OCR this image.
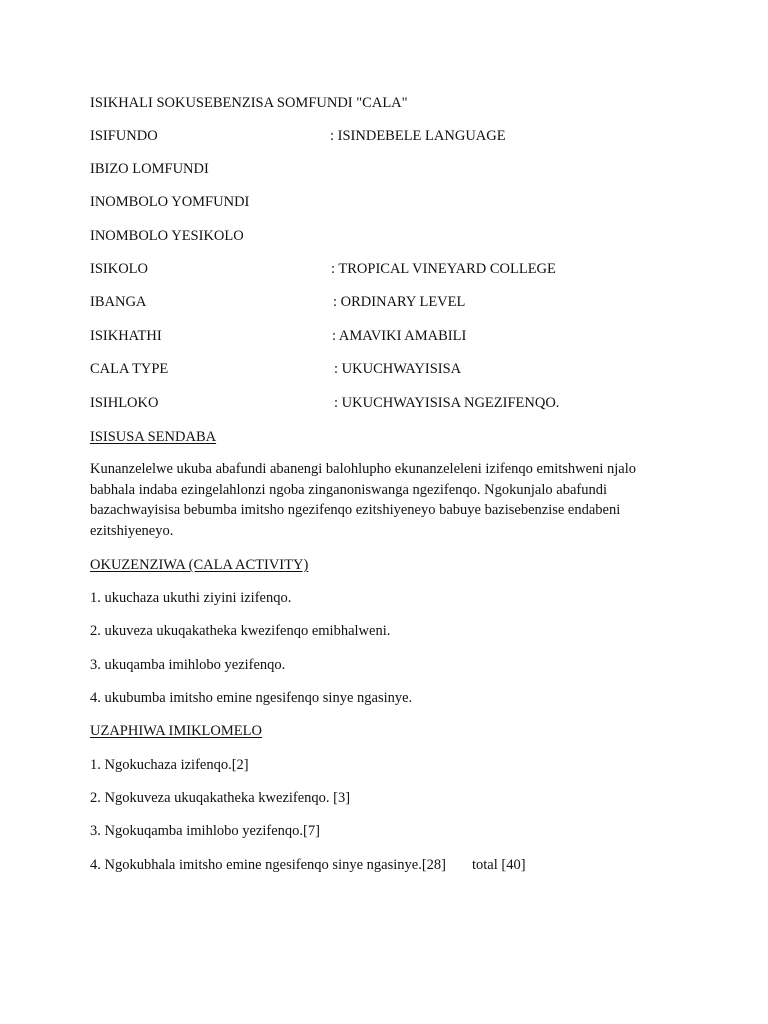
ISIKHALI SOKUSEBENZISA SOMFUNDI "CALA"
ISIFUNDO	: ISINDEBELE LANGUAGE
IBIZO LOMFUNDI
INOMBOLO YOMFUNDI
INOMBOLO YESIKOLO
ISIKOLO	: TROPICAL VINEYARD COLLEGE
IBANGA	: ORDINARY LEVEL
ISIKHATHI	: AMAVIKI AMABILI
CALA TYPE	: UKUCHWAYISISA
ISIHLOKO	: UKUCHWAYISISA NGEZIFENQO.
ISISUSA SENDABA
Kunanzelelwe ukuba abafundi abanengi balohlupho ekunanzeleleni izifenqo emitshweni njalo babhala indaba ezingelahlonzi ngoba zinganoniswanga ngezifenqo. Ngokunjalo abafundi bazachwayisisa bebumba imitsho ngezifenqo ezitshiyeneyo babuye bazisebenzise endabeni ezitshiyeneyo.
OKUZENZIWA (CALA ACTIVITY)
1. ukuchaza ukuthi ziyini izifenqo.
2. ukuveza ukuqakatheka kwezifenqo emibhalweni.
3. ukuqamba imihlobo yezifenqo.
4. ukubumba imitsho emine ngesifenqo sinye ngasinye.
UZAPHIWA IMIKLOMELO
1. Ngokuchaza izifenqo.[2]
2. Ngokuveza ukuqakatheka kwezifenqo. [3]
3. Ngokuqamba imihlobo yezifenqo.[7]
4. Ngokubhala imitsho emine ngesifenqo sinye ngasinye.[28] total [40]
